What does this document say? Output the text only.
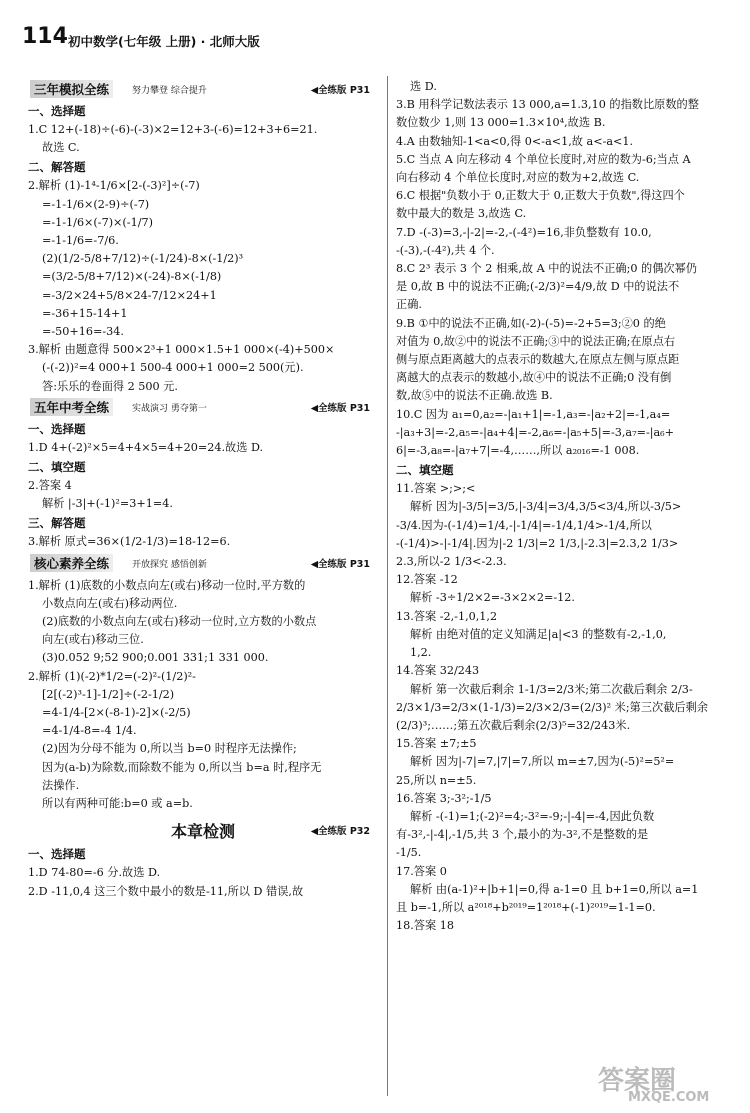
114 初中数学(七年级 上册) · 北师大版
三年模拟全练	努力攀登 综合提升	◀全练版 P31
一、选择题
1.C 12+(-18)÷(-6)-(-3)×2=12+3-(-6)=12+3+6=21.
故选 C.
二、解答题
2.解析 (1)-1⁴-1/6×[2-(-3)²]÷(-7)
=-1-1/6×(2-9)÷(-7)
=-1-1/6×(-7)×(-1/7)
=-1-1/6=-7/6.
(2)(1/2-5/8+7/12)÷(-1/24)-8×(-1/2)³
=(3/2-5/8+7/12)×(-24)-8×(-1/8)
=-3/2×24+5/8×24-7/12×24+1
=-36+15-14+1
=-50+16=-34.
3.解析 由题意得 500×2³+1 000×1.5+1 000×(-4)+500×
(-(-2))²=4 000+1 500-4 000+1 000=2 500(元).
答:乐乐的卷面得 2 500 元.
五年中考全练	实战演习 勇夺第一	◀全练版 P31
一、选择题
1.D 4+(-2)²×5=4+4×5=4+20=24.故选 D.
二、填空题
2.答案 4
解析 |-3|+(-1)²=3+1=4.
三、解答题
3.解析 原式=36×(1/2-1/3)=18-12=6.
核心素养全练	开放探究 感悟创新	◀全练版 P31
1.解析 (1)底数的小数点向左(或右)移动一位时,平方数的
小数点向左(或右)移动两位.
(2)底数的小数点向左(或右)移动一位时,立方数的小数点
向左(或右)移动三位.
(3)0.052 9;52 900;0.001 331;1 331 000.
2.解析 (1)(-2)*1/2=(-2)²-(1/2)²-
[2[(-2)³-1]-1/2]÷(-2-1/2)
=4-1/4-[2×(-8-1)-2]×(-2/5)
=4-1/4-8=-4 1/4.
(2)因为分母不能为 0,所以当 b=0 时程序无法操作;
因为(a-b)为除数,而除数不能为 0,所以当 b=a 时,程序无
法操作.
所以有两种可能:b=0 或 a=b.
本章检测	◀全练版 P32
一、选择题
1.D 74-80=-6 分.故选 D.
2.D -11,0,4 这三个数中最小的数是-11,所以 D 错误,故
选 D.
3.B 用科学记数法表示 13 000,a=1.3,10 的指数比原数的整
数位数少 1,则 13 000=1.3×10⁴,故选 B.
4.A 由数轴知-1<a<0,得 0<-a<1,故 a<-a<1.
5.C 当点 A 向左移动 4 个单位长度时,对应的数为-6;当点 A
向右移动 4 个单位长度时,对应的数为+2,故选 C.
6.C 根据"负数小于 0,正数大于 0,正数大于负数",得这四个
数中最大的数是 3,故选 C.
7.D -(-3)=3,-|-2|=-2,-(-4²)=16,非负整数有 10.0,
-(-3),-(-4²),共 4 个.
8.C 2³ 表示 3 个 2 相乘,故 A 中的说法不正确;0 的偶次幂仍
是 0,故 B 中的说法不正确;(-2/3)²=4/9,故 D 中的说法不
正确.
9.B ①中的说法不正确,如(-2)-(-5)=-2+5=3;②0 的绝
对值为 0,故②中的说法不正确;③中的说法正确;在原点右
侧与原点距离越大的点表示的数越大,在原点左侧与原点距
离越大的点表示的数越小,故④中的说法不正确;0 没有倒
数,故⑤中的说法不正确.故选 B.
10.C 因为 a₁=0,a₂=-|a₁+1|=-1,a₃=-|a₂+2|=-1,a₄=
-|a₃+3|=-2,a₅=-|a₄+4|=-2,a₆=-|a₅+5|=-3,a₇=-|a₆+
6|=-3,a₈=-|a₇+7|=-4,……,所以 a₂₀₁₆=-1 008.
二、填空题
11.答案 >;>;<
解析 因为|-3/5|=3/5,|-3/4|=3/4,3/5<3/4,所以-3/5>
-3/4.因为-(-1/4)=1/4,-|-1/4|=-1/4,1/4>-1/4,所以
-(-1/4)>-|-1/4|.因为|-2 1/3|=2 1/3,|-2.3|=2.3,2 1/3>
2.3,所以-2 1/3<-2.3.
12.答案 -12
解析 -3÷1/2×2=-3×2×2=-12.
13.答案 -2,-1,0,1,2
解析 由绝对值的定义知满足|a|<3 的整数有-2,-1,0,
1,2.
14.答案 32/243
解析 第一次截后剩余 1-1/3=2/3米;第二次截后剩余 2/3-
2/3×1/3=2/3×(1-1/3)=2/3×2/3=(2/3)² 米;第三次截后剩余
(2/3)³;……;第五次截后剩余(2/3)⁵=32/243米.
15.答案 ±7;±5
解析 因为|-7|=7,|7|=7,所以 m=±7,因为(-5)²=5²=
25,所以 n=±5.
16.答案 3;-3²;-1/5
解析 -(-1)=1;(-2)²=4;-3²=-9;-|-4|=-4,因此负数
有-3²,-|-4|,-1/5,共 3 个,最小的为-3²,不是整数的是
-1/5.
17.答案 0
解析 由(a-1)²+|b+1|=0,得 a-1=0 且 b+1=0,所以 a=1
且 b=-1,所以 a²⁰¹⁸+b²⁰¹⁹=1²⁰¹⁸+(-1)²⁰¹⁹=1-1=0.
18.答案 18
答案圈
MXQE.COM
